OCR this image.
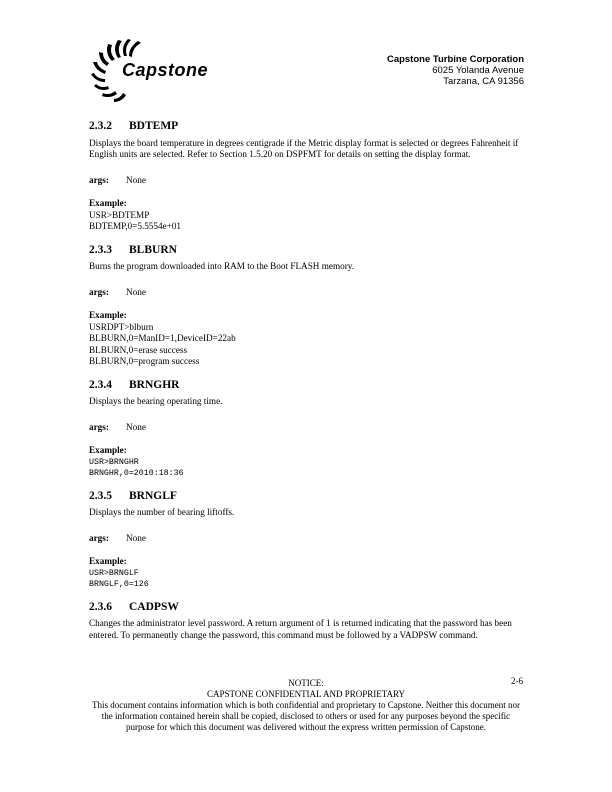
Capstone
Capstone Turbine Corporation
6025 Yolanda Avenue
Tarzana, CA 91356
2.3.2 BDTEMP

Displays the board temperature in degrees centigrade if the Metric display format is selected or degrees Fahrenheit if English units are selected. Refer to Section 1.5.20 on DSPFMT for details on setting the display format.

args: None
Example:
USR>BDTEMP
BDTEMP,0=5.5554e+01
2.3.3 BLBURN

Burns the program downloaded into RAM to the Boot FLASH memory.

args: None
Example:
USRDPT>blburn
BLBURN,0=ManID=1,DeviceID=22ab
BLBURN,0=erase success
BLBURN,0=program success
2.3.4 BRNGHR

Displays the bearing operating time.

args: None
Example:
USR>BRNGHR
BRNGHR,0=2010:18:36
2.3.5 BRNGLF

Displays the number of bearing liftoffs.

args: None
Example:
USR>BRNGLF
BRNGLF,0=126
2.3.6 CADPSW

Changes the administrator level password. A return argument of 1 is returned indicating that the password has been entered. To permanently change the password, this command must be followed by a VADPSW command.

2-6
NOTICE:
CAPSTONE CONFIDENTIAL AND PROPRIETARY
This document contains information which is both confidential and proprietary to Capstone. Neither this document nor the information contained herein shall be copied, disclosed to others or used for any purposes beyond the specific purpose for which this document was delivered without the express written permission of Capstone.
